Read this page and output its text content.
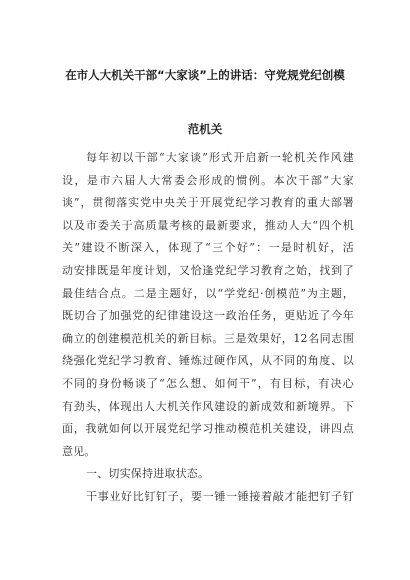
在市人大机关干部“大家谈”上的讲话：守党规党纪创模
范机关
每年初以干部“大家谈”形式开启新一轮机关作风建
设，是市六届人大常委会形成的惯例。本次干部“大家
谈”，贯彻落实党中央关于开展党纪学习教育的重大部署
以及市委关于高质量考核的最新要求，推动人大“四个机
关”建设不断深入，体现了“三个好”：一是时机好，活
动安排既是年度计划，又恰逢党纪学习教育之始，找到了
最佳结合点。二是主题好，以“学党纪·创模范”为主题，
既切合了加强党的纪律建设这一政治任务，更贴近了今年
确立的创建模范机关的新目标。三是效果好，12名同志围
绕强化党纪学习教育、锤炼过硬作风，从不同的角度、以
不同的身份畅谈了“怎么想、如何干”，有目标，有决心
有劲头，体现出人大机关作风建设的新成效和新境界。下
面，我就如何以开展党纪学习推动模范机关建设，讲四点
意见。
一、切实保持进取状态。
干事业好比钉钉子，要一锤一锤接着敲才能把钉子钉
